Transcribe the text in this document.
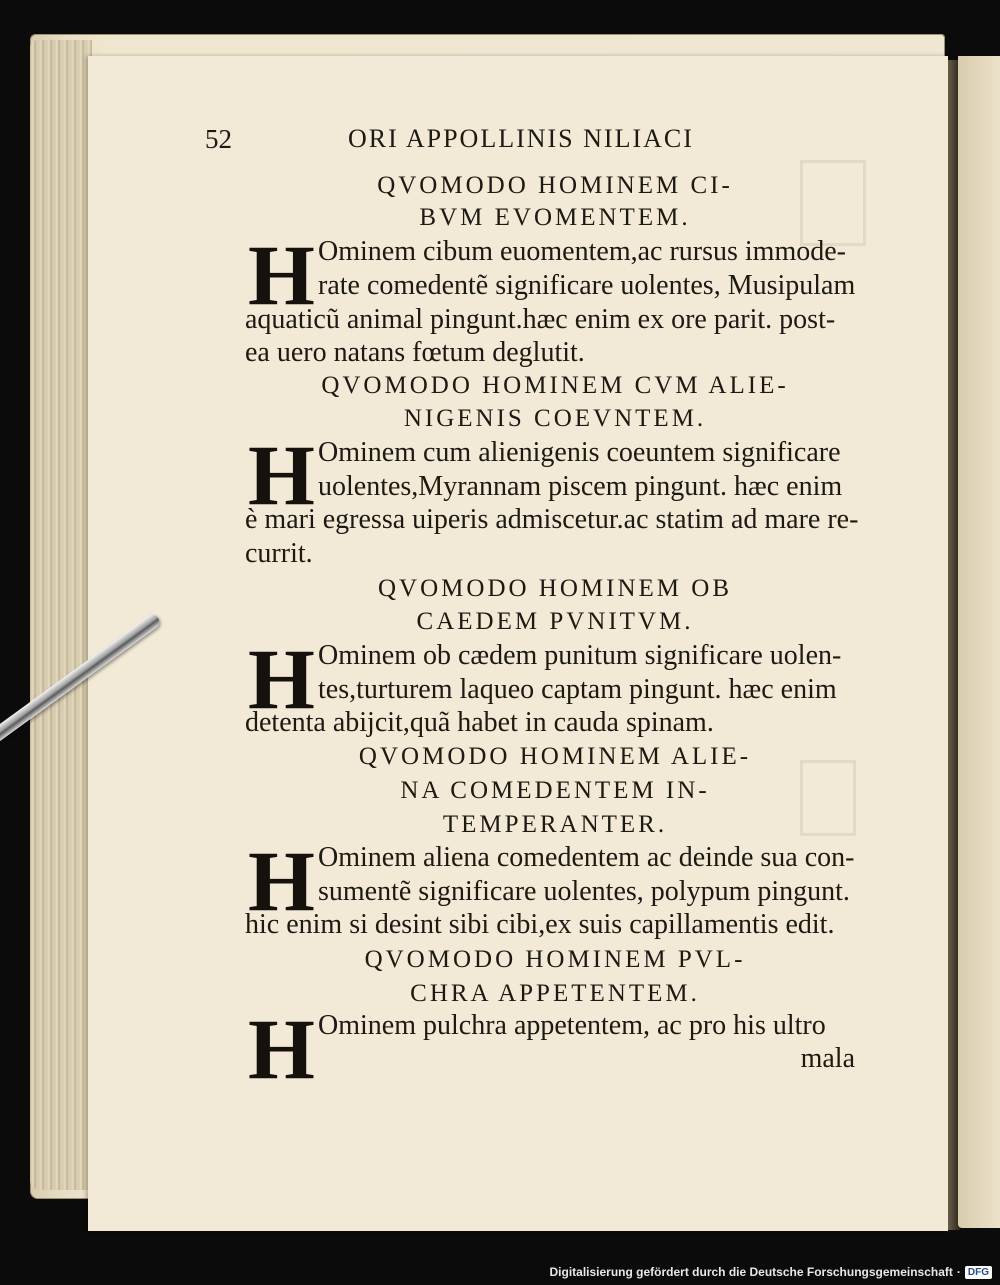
52	ORI APPOLLINIS NILIACI
QVOMODO HOMINEM CI-
BVM EVOMENTEM.
H Ominem cibum euomentem,ac rursus immode-
rate comedentẽ significare uolentes, Musipulam
aquaticũ animal pingunt.hæc enim ex ore parit. post-
ea uero natans fœtum deglutit.
QVOMODO HOMINEM CVM ALIE-
NIGENIS COEVNTEM.
H Ominem cum alienigenis coeuntem significare
uolentes,Myrannam piscem pingunt. hæc enim
è mari egressa uiperis admiscetur.ac statim ad mare re-
currit.
QVOMODO HOMINEM OB
CAEDEM PVNITVM.
H Ominem ob cædem punitum significare uolen-
tes,turturem laqueo captam pingunt. hæc enim
detenta abijcit,quã habet in cauda spinam.
QVOMODO HOMINEM ALIE-
NA COMEDENTEM IN-
TEMPERANTER.
H Ominem aliena comedentem ac deinde sua con-
sumentẽ significare uolentes, polypum pingunt.
hic enim si desint sibi cibi,ex suis capillamentis edit.
QVOMODO HOMINEM PVL-
CHRA APPETENTEM.
H Ominem pulchra appetentem, ac pro his ultro
mala
Digitalisierung gefördert durch die Deutsche Forschungsgemeinschaft · DFG
